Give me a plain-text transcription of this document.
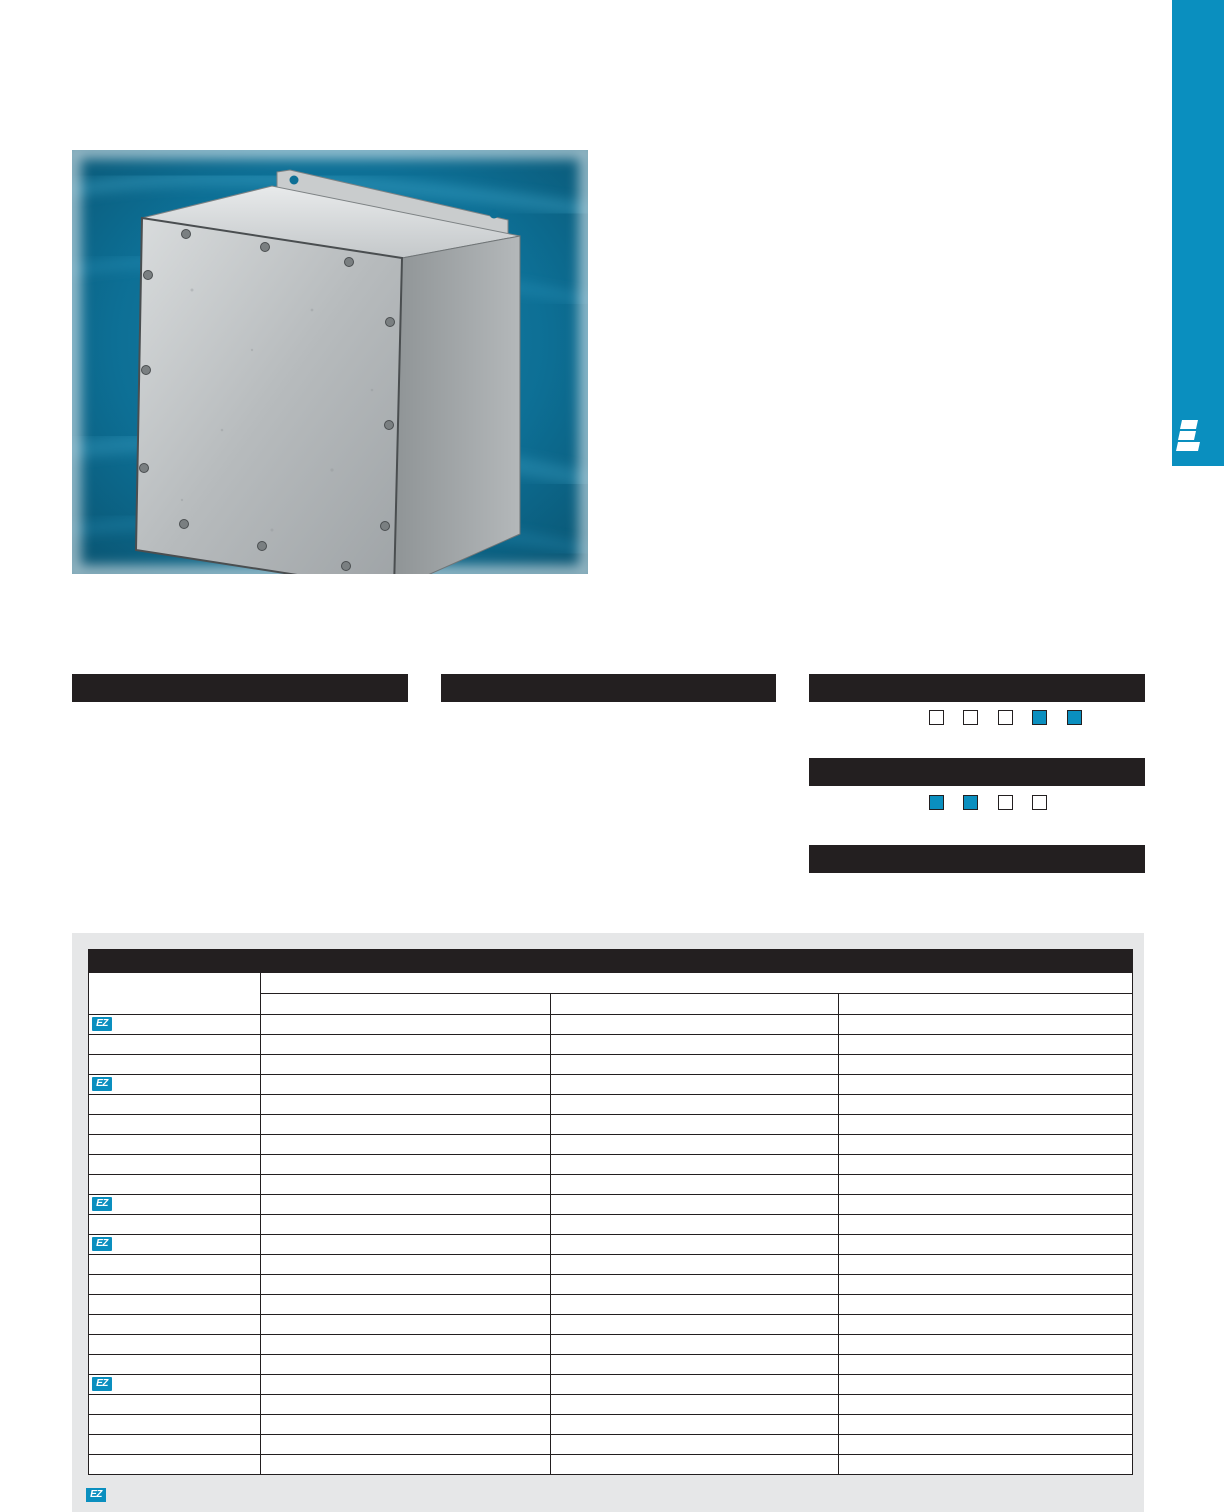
EZ
EZ
EZ
EZ
EZ
EZ
